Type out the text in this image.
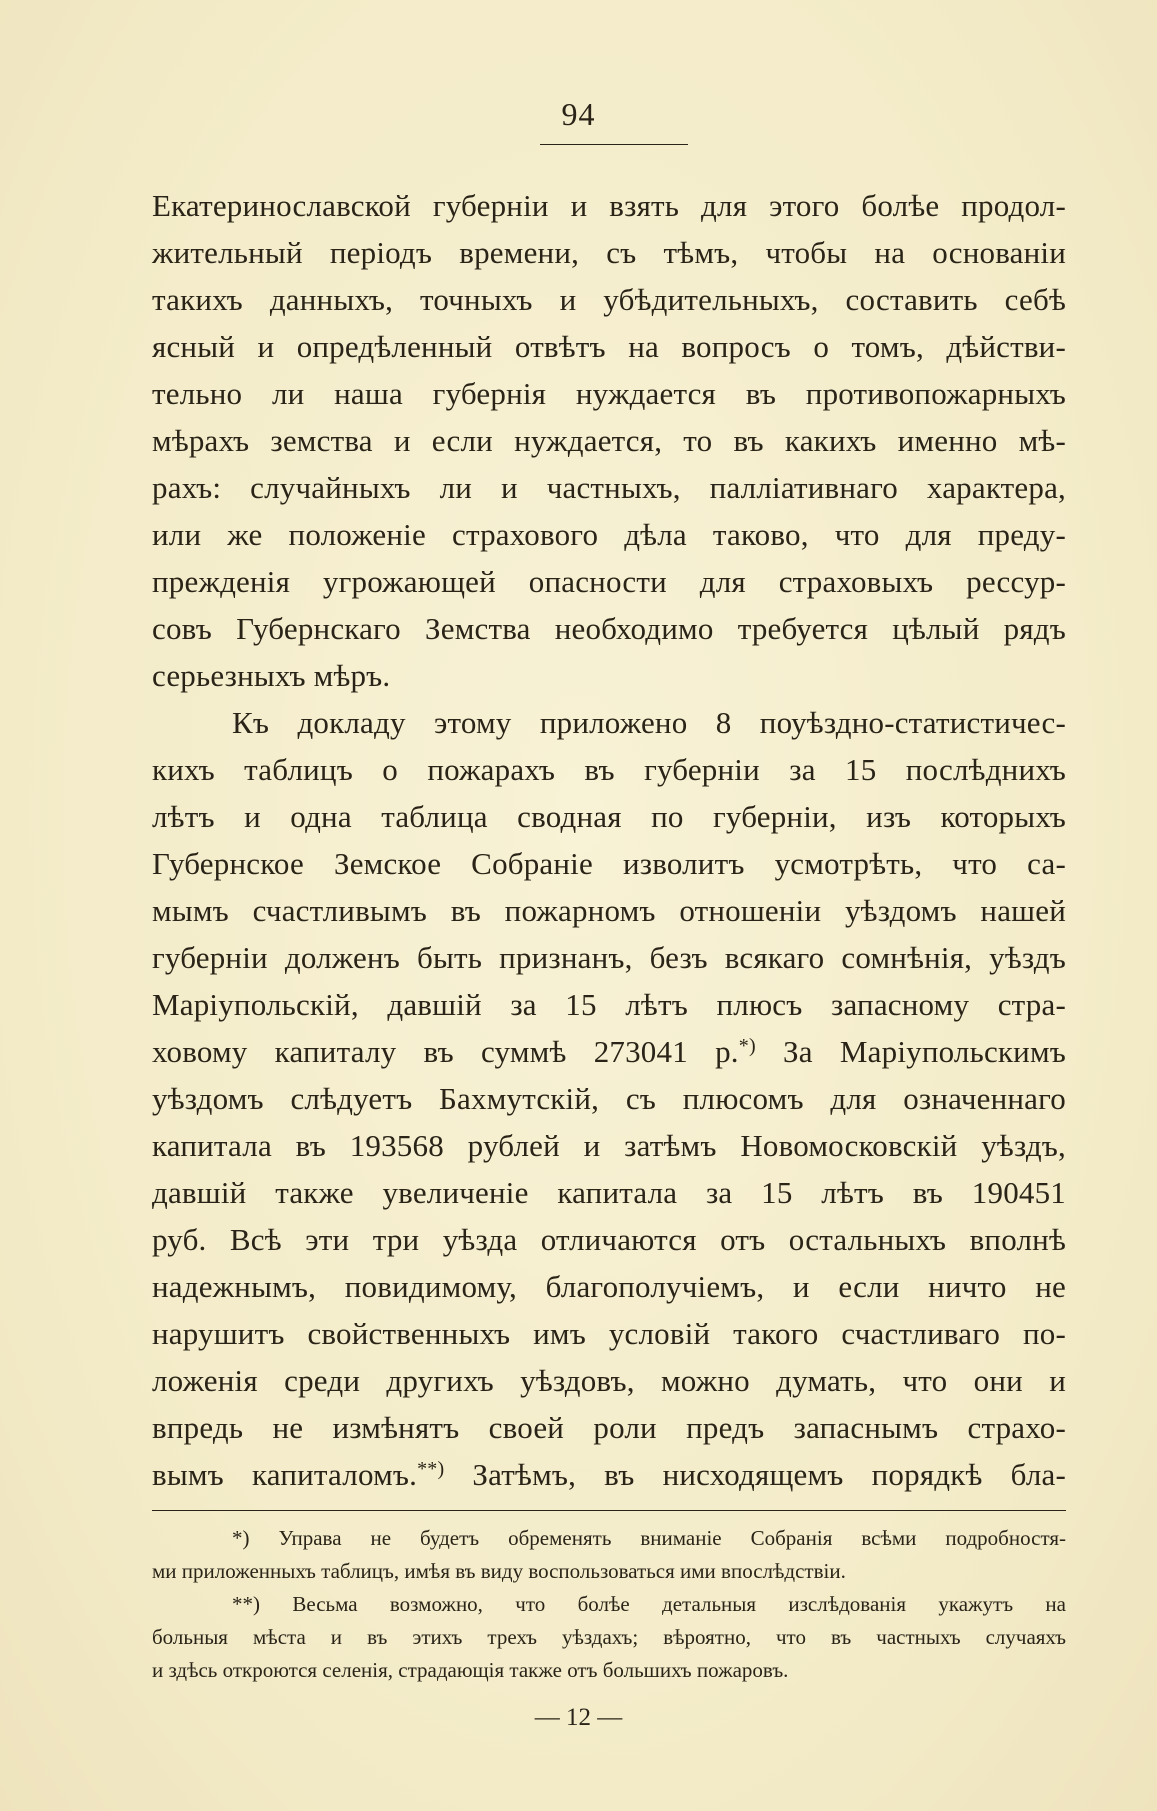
94
Екатеринославской губерніи и взять для этого болѣе продол-
жительный періодъ времени, съ тѣмъ, чтобы на основаніи
такихъ данныхъ, точныхъ и убѣдительныхъ, составить себѣ
ясный и опредѣленный отвѣтъ на вопросъ о томъ, дѣйстви-
тельно ли наша губернія нуждается въ противопожарныхъ
мѣрахъ земства и если нуждается, то въ какихъ именно мѣ-
рахъ: случайныхъ ли и частныхъ, палліативнаго характера,
или же положеніе страхового дѣла таково, что для преду-
прежденія угрожающей опасности для страховыхъ рессур-
совъ Губернскаго Земства необходимо требуется цѣлый рядъ
серьезныхъ мѣръ.
Къ докладу этому приложено 8 поуѣздно-статистичес-
кихъ таблицъ о пожарахъ въ губерніи за 15 послѣднихъ
лѣтъ и одна таблица сводная по губерніи, изъ которыхъ
Губернское Земское Собраніе изволитъ усмотрѣть, что са-
мымъ счастливымъ въ пожарномъ отношеніи уѣздомъ нашей
губерніи долженъ быть признанъ, безъ всякаго сомнѣнія, уѣздъ
Маріупольскій, давшій за 15 лѣтъ плюсъ запасному стра-
ховому капиталу въ суммѣ 273041 р.*) За Маріупольскимъ
уѣздомъ слѣдуетъ Бахмутскій, съ плюсомъ для означеннаго
капитала въ 193568 рублей и затѣмъ Новомосковскій уѣздъ,
давшій также увеличеніе капитала за 15 лѣтъ въ 190451
руб. Всѣ эти три уѣзда отличаются отъ остальныхъ вполнѣ
надежнымъ, повидимому, благополучіемъ, и если ничто не
нарушитъ свойственныхъ имъ условій такого счастливаго по-
ложенія среди другихъ уѣздовъ, можно думать, что они и
впредь не измѣнятъ своей роли предъ запаснымъ страхо-
вымъ капиталомъ.**) Затѣмъ, въ нисходящемъ порядкѣ бла-
*) Управа не будетъ обременять вниманіе Собранія всѣми подробностя-
ми приложенныхъ таблицъ, имѣя въ виду воспользоваться ими впослѣдствіи.
**) Весьма возможно, что болѣе детальныя изслѣдованія укажутъ на
больныя мѣста и въ этихъ трехъ уѣздахъ; вѣроятно, что въ частныхъ случаяхъ
и здѣсь откроются селенія, страдающія также отъ большихъ пожаровъ.
— 12 —
